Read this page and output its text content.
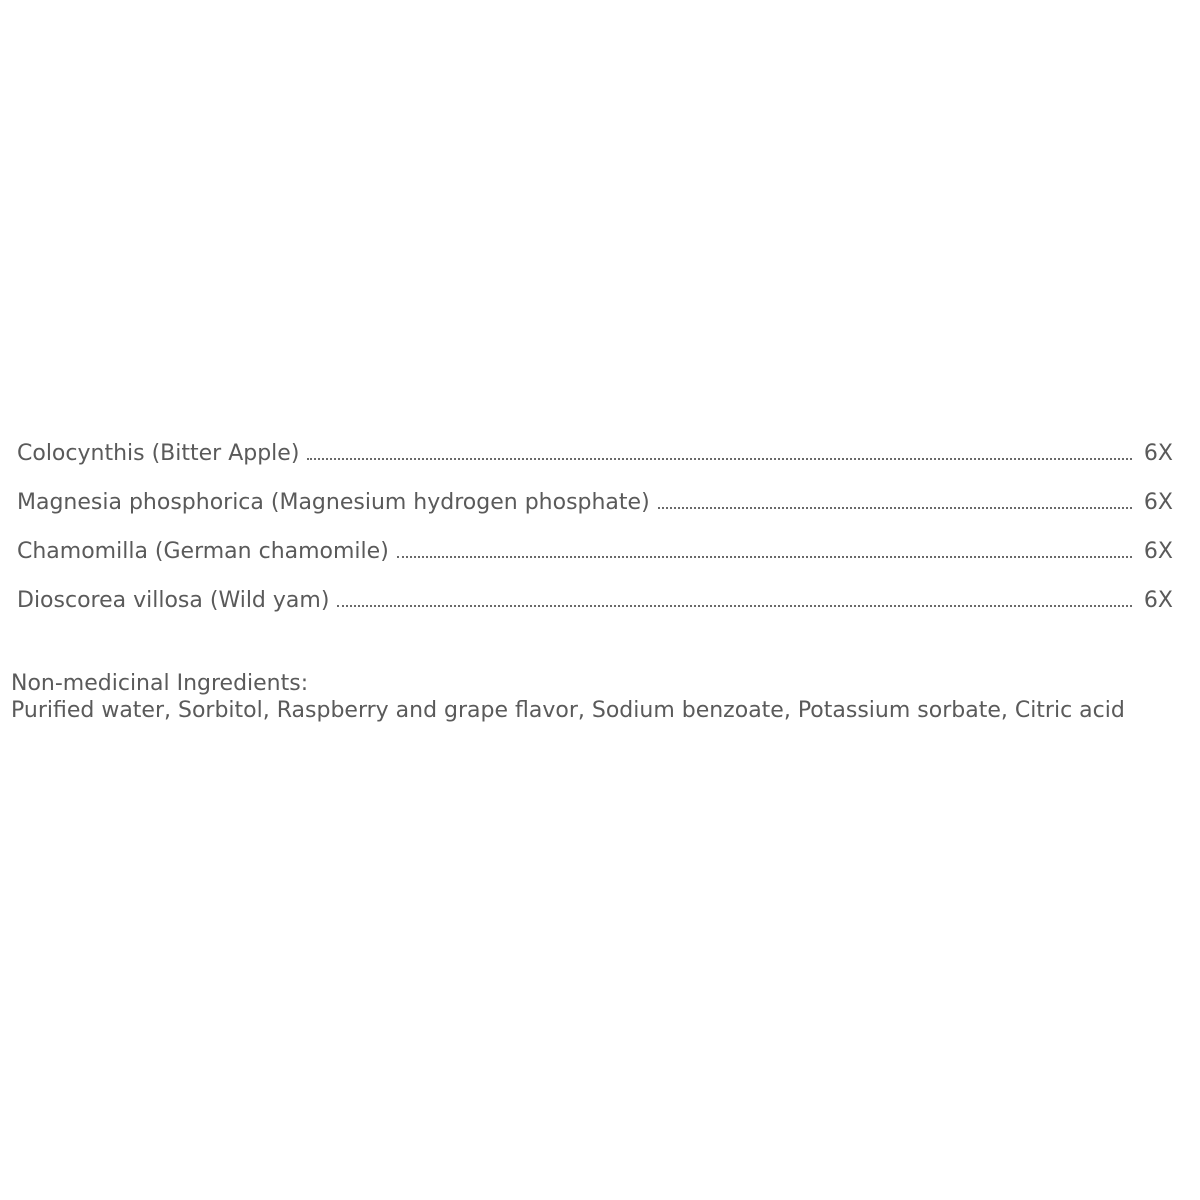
Colocynthis (Bitter Apple)	6X
Magnesia phosphorica (Magnesium hydrogen phosphate)	6X
Chamomilla (German chamomile)	6X
Dioscorea villosa (Wild yam)	6X
Non-medicinal Ingredients:
Purified water, Sorbitol, Raspberry and grape flavor, Sodium benzoate, Potassium sorbate, Citric acid
